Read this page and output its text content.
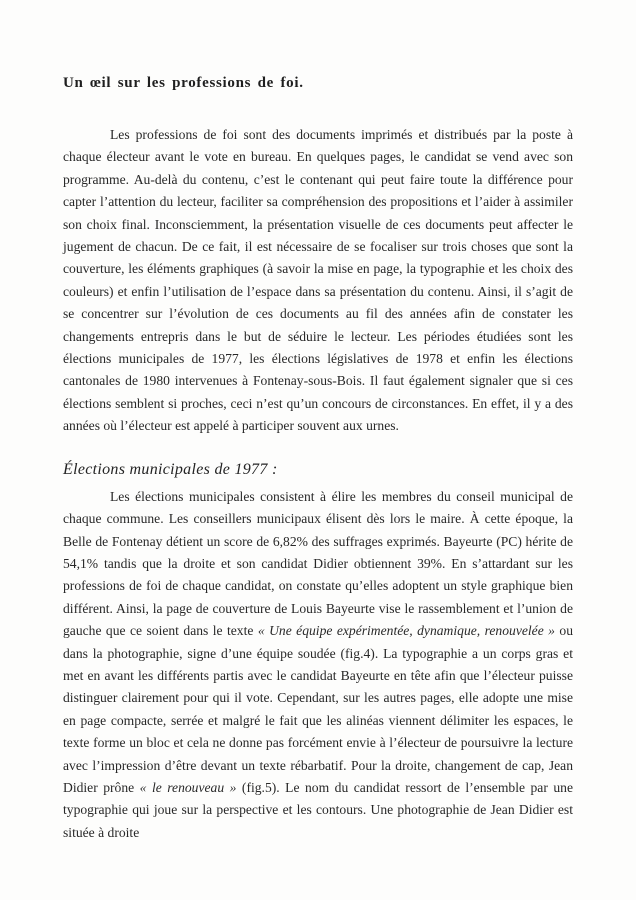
Un œil sur les professions de foi.

Les professions de foi sont des documents imprimés et distribués par la poste à chaque électeur avant le vote en bureau. En quelques pages, le candidat se vend avec son programme. Au-delà du contenu, c’est le contenant qui peut faire toute la différence pour capter l’attention du lecteur, faciliter sa compréhension des propositions et l’aider à assimiler son choix final. Inconsciemment, la présentation visuelle de ces documents peut affecter le jugement de chacun. De ce fait, il est nécessaire de se focaliser sur trois choses que sont la couverture, les éléments graphiques (à savoir la mise en page, la typographie et les choix des couleurs) et enfin l’utilisation de l’espace dans sa présentation du contenu. Ainsi, il s’agit de se concentrer sur l’évolution de ces documents au fil des années afin de constater les changements entrepris dans le but de séduire le lecteur. Les périodes étudiées sont les élections municipales de 1977, les élections législatives de 1978 et enfin les élections cantonales de 1980 intervenues à Fontenay-sous-Bois. Il faut également signaler que si ces élections semblent si proches, ceci n’est qu’un concours de circonstances. En effet, il y a des années où l’électeur est appelé à participer souvent aux urnes.

Élections municipales de 1977 :

Les élections municipales consistent à élire les membres du conseil municipal de chaque commune. Les conseillers municipaux élisent dès lors le maire. À cette époque, la Belle de Fontenay détient un score de 6,82% des suffrages exprimés. Bayeurte (PC) hérite de 54,1% tandis que la droite et son candidat Didier obtiennent 39%. En s’attardant sur les professions de foi de chaque candidat, on constate qu’elles adoptent un style graphique bien différent. Ainsi, la page de couverture de Louis Bayeurte vise le rassemblement et l’union de gauche que ce soient dans le texte « Une équipe expérimentée, dynamique, renouvelée » ou dans la photographie, signe d’une équipe soudée (fig.4). La typographie a un corps gras et met en avant les différents partis avec le candidat Bayeurte en tête afin que l’électeur puisse distinguer clairement pour qui il vote. Cependant, sur les autres pages, elle adopte une mise en page compacte, serrée et malgré le fait que les alinéas viennent délimiter les espaces, le texte forme un bloc et cela ne donne pas forcément envie à l’électeur de poursuivre la lecture avec l’impression d’être devant un texte rébarbatif. Pour la droite, changement de cap, Jean Didier prône « le renouveau » (fig.5). Le nom du candidat ressort de l’ensemble par une typographie qui joue sur la perspective et les contours. Une photographie de Jean Didier est située à droite
